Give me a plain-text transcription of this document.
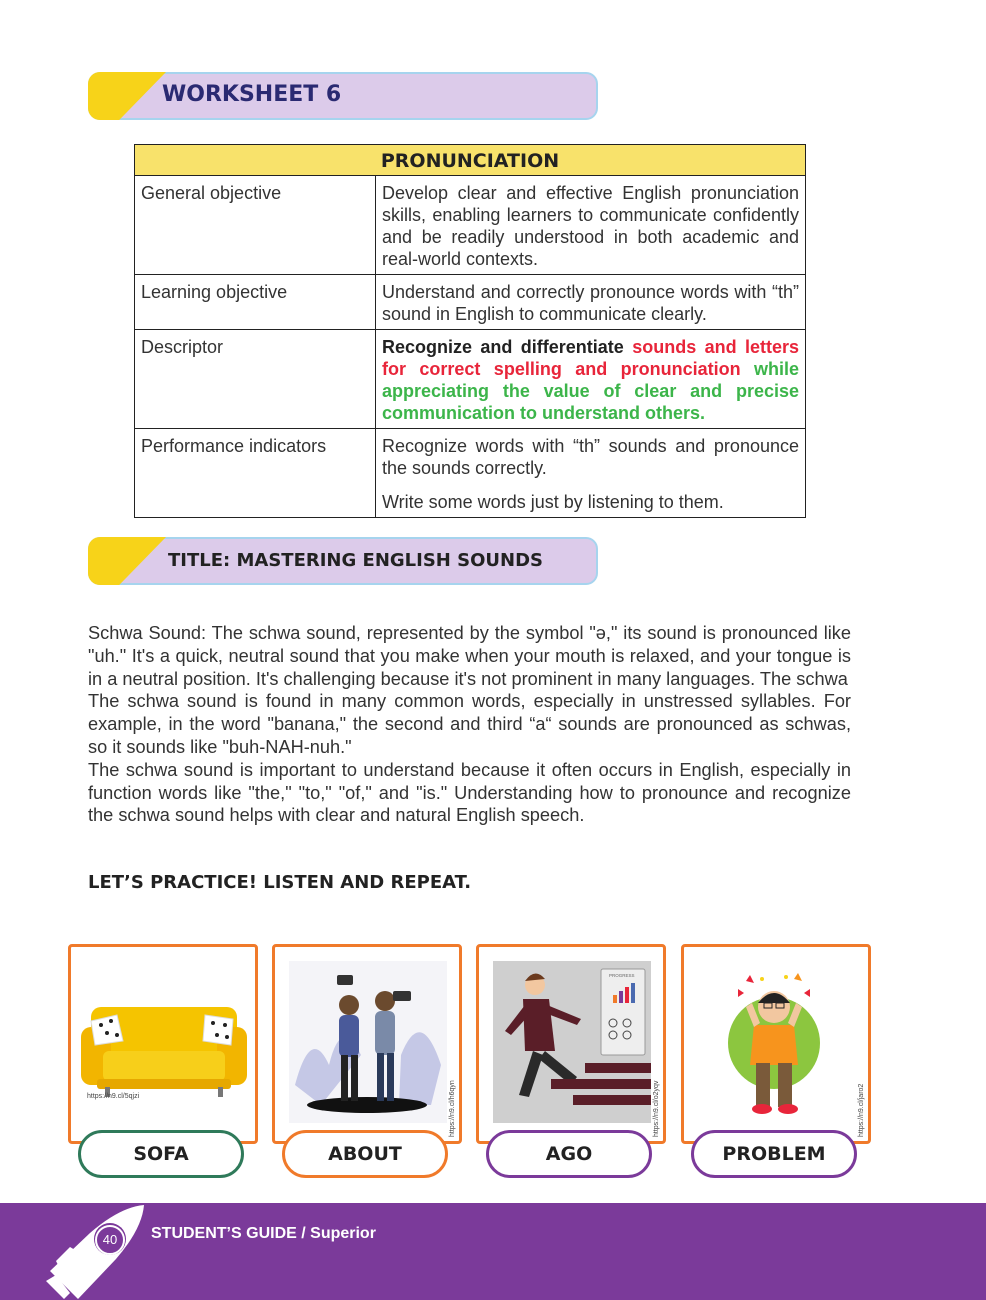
WORKSHEET 6
PRONUNCIATION	
General objective	Develop clear and effective English pronunciation skills, enabling learners to communicate confidently and be readily understood in both academic and real-world contexts.
Learning objective	Understand and correctly pronounce words with “th” sound in English to communicate clearly.
Descriptor	Recognize and differentiate sounds and letters for correct spelling and pronunciation while appreciating the value of clear and precise communication to understand others.
Performance indicators	Recognize words with “th” sounds and pronounce the sounds correctly.
Write some words just by listening to them.
TITLE: MASTERING ENGLISH SOUNDS

Schwa Sound: The schwa sound, represented by the symbol "ə," its sound is pronounced like "uh." It's a quick, neutral sound that you make when your mouth is relaxed, and your tongue is in a neutral position. It's challenging because it's not prominent in many languages. The schwa

The schwa sound is found in many common words, especially in unstressed syllables. For example, in the word "banana," the second and third “a“ sounds are pronounced as schwas, so it sounds like "buh-NAH-nuh."

The schwa sound is important to understand because it often occurs in English, especially in function words like "the," "to," "of," and "is." Understanding how to pronounce and recognize the schwa sound helps with clear and natural English speech.

LET’S PRACTICE! LISTEN AND REPEAT.
https://n9.cl/5qjzi
SOFA
https://n9.cl/h6qyn
ABOUT
PROGRESS
https://n9.cl/o2yqv
AGO
https://n9.cl/jaro2
PROBLEM
40	STUDENT’S GUIDE / Superior
